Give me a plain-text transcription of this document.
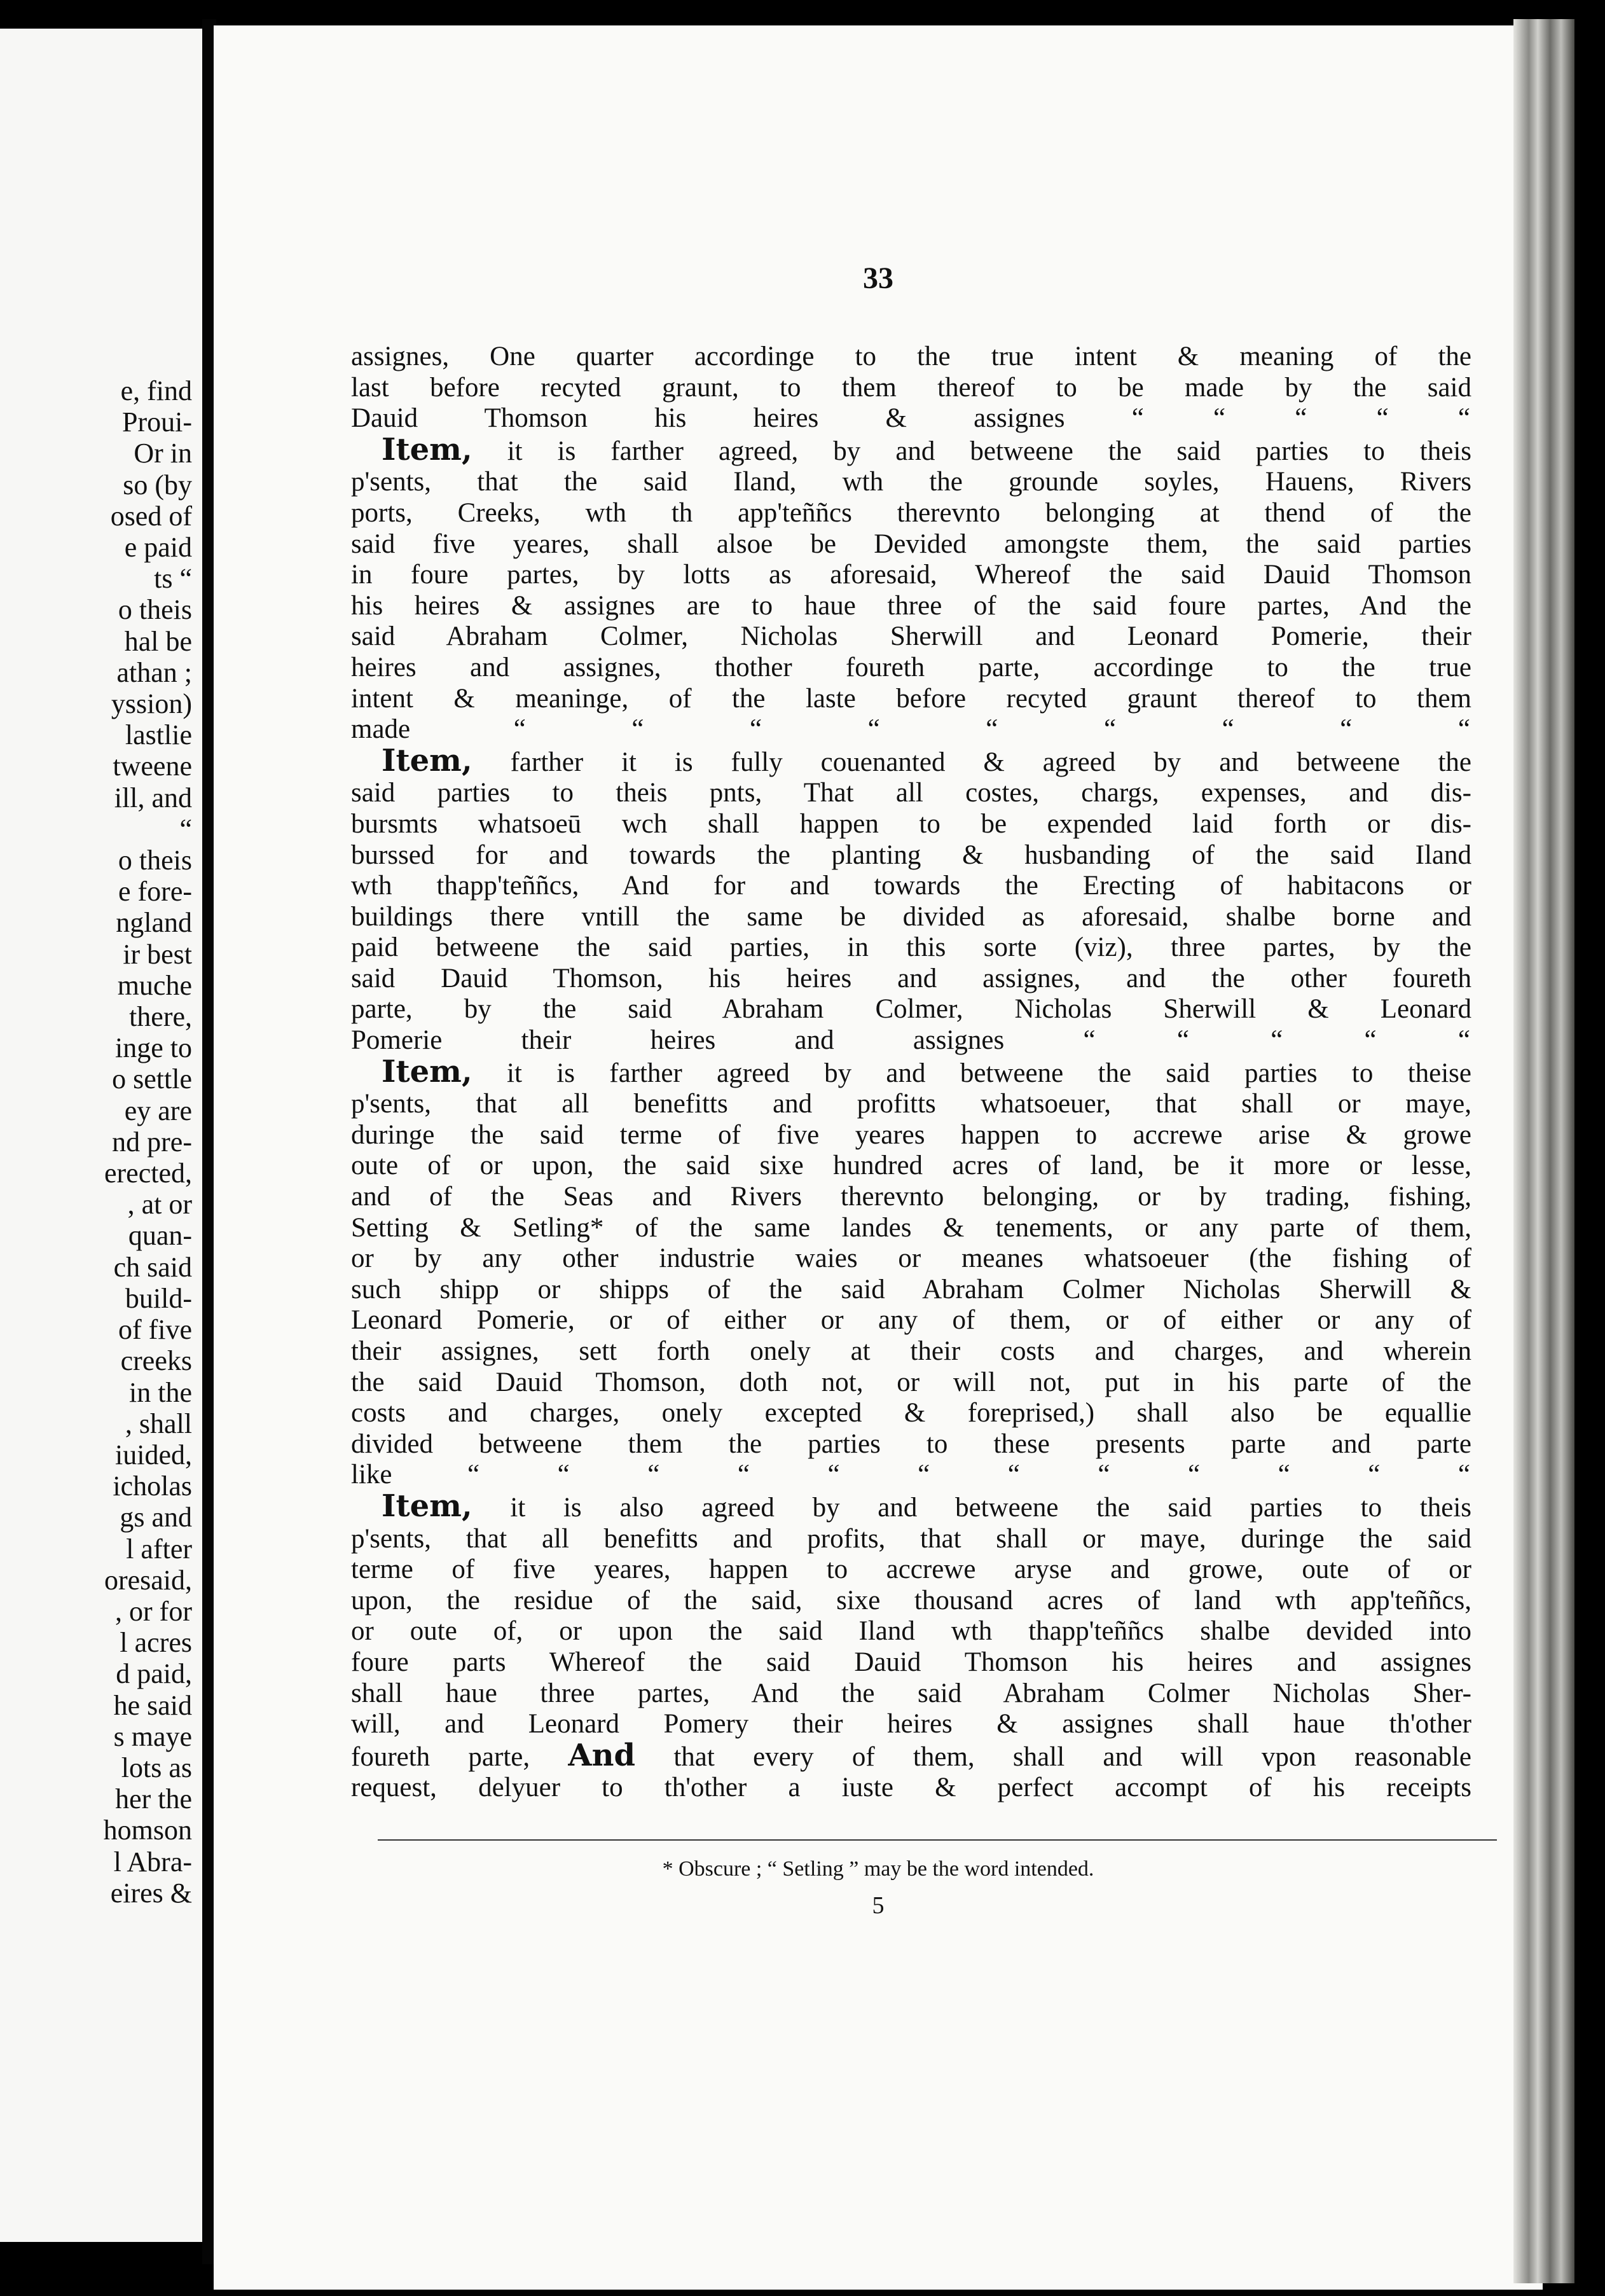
e, find
Proui-
Or in
so (by
osed of
e paid
ts “
o theis
hal be
athan ;
yssion)
lastlie
tweene
ill, and
“
o theis
e fore-
ngland
ir best
muche
there,
inge to
o settle
ey are
nd pre-
erected,
, at or
quan-
ch said
build-
of five
creeks
in the
, shall
iuided,
icholas
gs and
l after
oresaid,
, or for
l acres
d paid,
he said
s maye
lots as
her the
homson
l Abra-
eires &
33
assignes, One quarter accordinge to the true intent & meaning of the
last before recyted graunt, to them thereof to be made by the said
Dauid Thomson his heires & assignes “ “ “ “ “
Item, it is farther agreed, by and betweene the said parties to theis
p'sents, that the said Iland, wth the grounde soyles, Hauens, Rivers
ports, Creeks, wth th app'teññcs therevnto belonging at thend of the
said five yeares, shall alsoe be Devided amongste them, the said parties
in foure partes, by lotts as aforesaid, Whereof the said Dauid Thomson
his heires & assignes are to haue three of the said foure partes, And the
said Abraham Colmer, Nicholas Sherwill and Leonard Pomerie, their
heires and assignes, thother foureth parte, accordinge to the true
intent & meaninge, of the laste before recyted graunt thereof to them
made	“ “ “ “ “ “ “ “ “
Item, farther it is fully couenanted & agreed by and betweene the
said parties to theis pnts, That all costes, chargs, expenses, and dis-
bursmts whatsoeū wch shall happen to be expended laid forth or dis-
burssed for and towards the planting & husbanding of the said Iland
wth thapp'teññcs, And for and towards the Erecting of habitacons or
buildings there vntill the same be divided as aforesaid, shalbe borne and
paid betweene the said parties, in this sorte (viz), three partes, by the
said Dauid Thomson, his heires and assignes, and the other foureth
parte, by the said Abraham Colmer, Nicholas Sherwill & Leonard
Pomerie their heires and assignes	“ “ “ “ “
Item, it is farther agreed by and betweene the said parties to theise
p'sents, that all benefitts and profitts whatsoeuer, that shall or maye,
duringe the said terme of five yeares happen to accrewe arise & growe
oute of or upon, the said sixe hundred acres of land, be it more or lesse,
and of the Seas and Rivers therevnto belonging, or by trading, fishing,
Setting & Setling* of the same landes & tenements, or any parte of them,
or by any other industrie waies or meanes whatsoeuer (the fishing of
such shipp or shipps of the said Abraham Colmer Nicholas Sherwill &
Leonard Pomerie, or of either or any of them, or of either or any of
their assignes, sett forth onely at their costs and charges, and wherein
the said Dauid Thomson, doth not, or will not, put in his parte of the
costs and charges, onely excepted & foreprised,) shall also be equallie
divided betweene them the parties to these presents parte and parte
like	“ “ “ “ “ “ “ “ “ “ “ “
Item, it is also agreed by and betweene the said parties to theis
p'sents, that all benefitts and profits, that shall or maye, duringe the said
terme of five yeares, happen to accrewe aryse and growe, oute of or
upon, the residue of the said, sixe thousand acres of land wth app'teññcs,
or oute of, or upon the said Iland wth thapp'teññcs shalbe devided into
foure parts Whereof the said Dauid Thomson his heires and assignes
shall haue three partes, And the said Abraham Colmer Nicholas Sher-
will, and Leonard Pomery their heires & assignes shall haue th'other
foureth parte, And that every of them, shall and will vpon reasonable
request, delyuer to th'other a iuste & perfect accompt of his receipts
* Obscure ; “ Setling ” may be the word intended.
5
